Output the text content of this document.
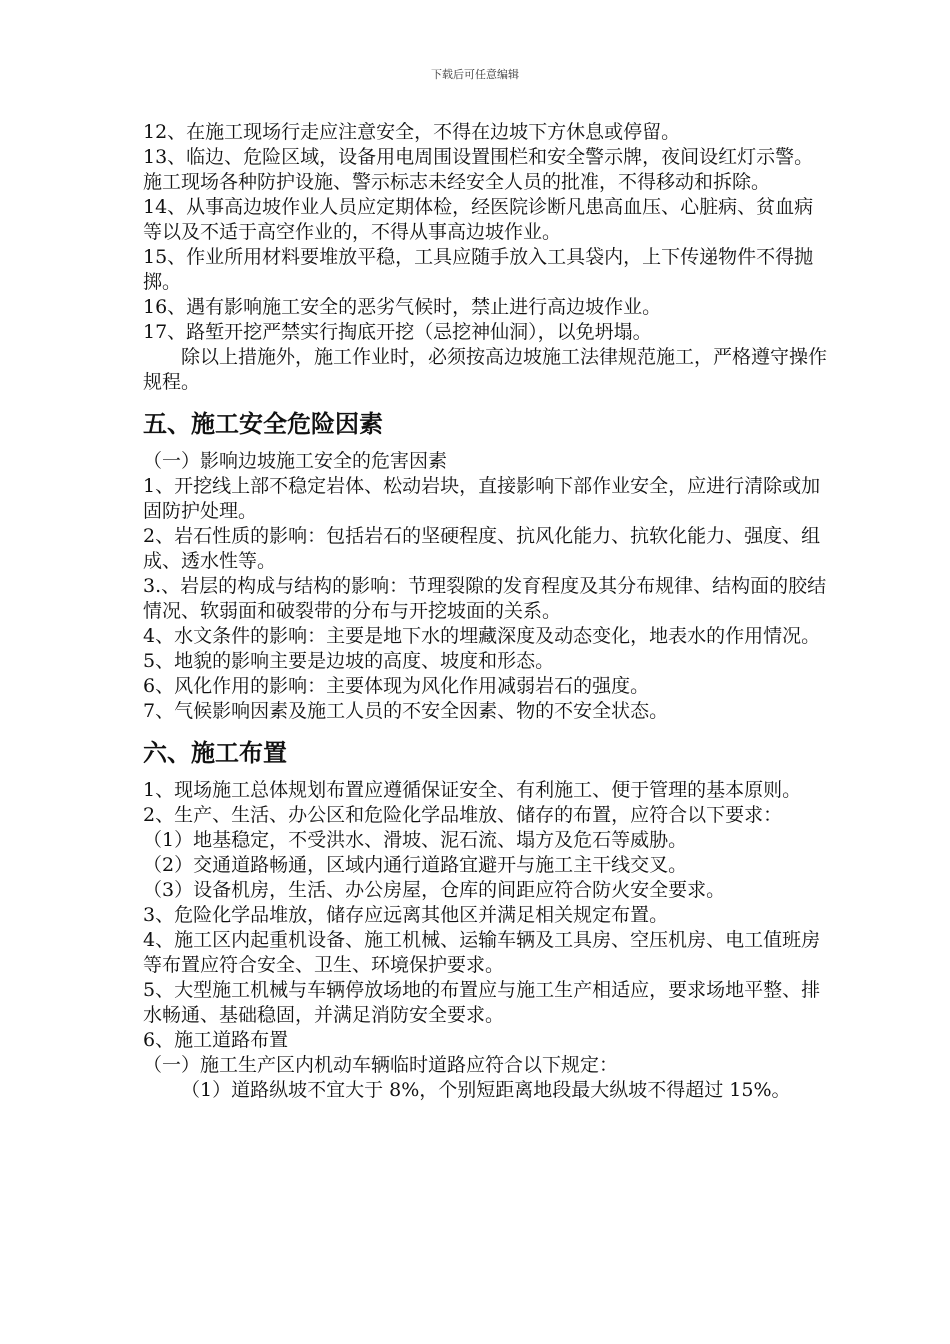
下载后可任意编辑

12、在施工现场行走应注意安全，不得在边坡下方休息或停留。

13、临边、危险区域，设备用电周围设置围栏和安全警示牌，夜间设红灯示警。施工现场各种防护设施、警示标志未经安全人员的批准，不得移动和拆除。

14、从事高边坡作业人员应定期体检，经医院诊断凡患高血压、心脏病、贫血病等以及不适于高空作业的，不得从事高边坡作业。

15、作业所用材料要堆放平稳，工具应随手放入工具袋内，上下传递物件不得抛掷。

16、遇有影响施工安全的恶劣气候时，禁止进行高边坡作业。

17、路堑开挖严禁实行掏底开挖（忌挖神仙洞），以免坍塌。

除以上措施外，施工作业时，必须按高边坡施工法律规范施工，严格遵守操作规程。

五、施工安全危险因素

（一）影响边坡施工安全的危害因素

1、开挖线上部不稳定岩体、松动岩块，直接影响下部作业安全，应进行清除或加固防护处理。

2、岩石性质的影响：包括岩石的坚硬程度、抗风化能力、抗软化能力、强度、组成、透水性等。

3.、岩层的构成与结构的影响：节理裂隙的发育程度及其分布规律、结构面的胶结情况、软弱面和破裂带的分布与开挖坡面的关系。

4、水文条件的影响：主要是地下水的埋藏深度及动态变化，地表水的作用情况。

5、地貌的影响主要是边坡的高度、坡度和形态。

6、风化作用的影响：主要体现为风化作用减弱岩石的强度。

7、气候影响因素及施工人员的不安全因素、物的不安全状态。

六、施工布置

1、现场施工总体规划布置应遵循保证安全、有利施工、便于管理的基本原则。

2、生产、生活、办公区和危险化学品堆放、储存的布置，应符合以下要求：

（1）地基稳定，不受洪水、滑坡、泥石流、塌方及危石等威胁。

（2）交通道路畅通，区域内通行道路宜避开与施工主干线交叉。

（3）设备机房，生活、办公房屋，仓库的间距应符合防火安全要求。

3、危险化学品堆放，储存应远离其他区并满足相关规定布置。

4、施工区内起重机设备、施工机械、运输车辆及工具房、空压机房、电工值班房等布置应符合安全、卫生、环境保护要求。

5、大型施工机械与车辆停放场地的布置应与施工生产相适应，要求场地平整、排水畅通、基础稳固，并满足消防安全要求。

6、施工道路布置

（一）施工生产区内机动车辆临时道路应符合以下规定：

（1）道路纵坡不宜大于 8%，个别短距离地段最大纵坡不得超过 15%。
